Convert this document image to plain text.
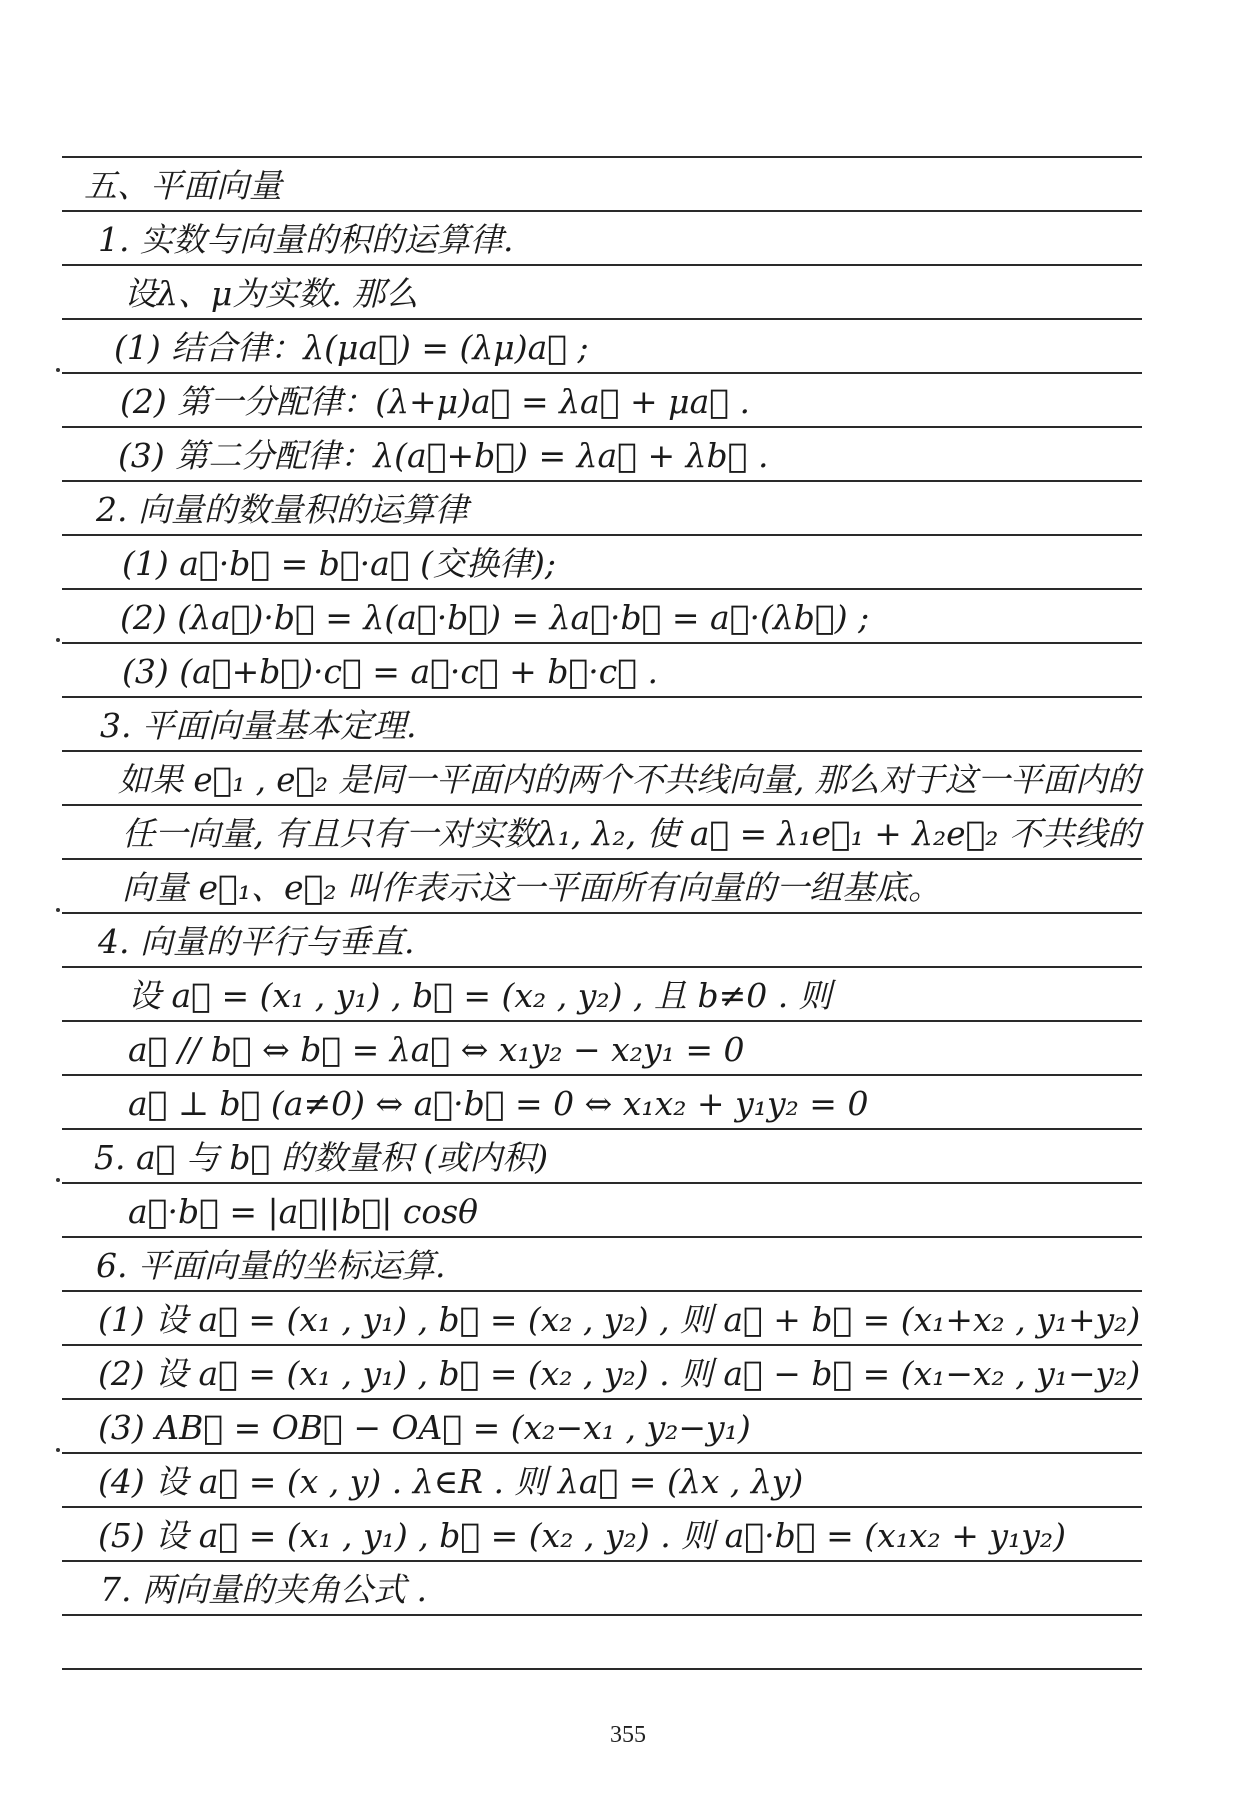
五、平面向量
1. 实数与向量的积的运算律.
设λ、μ为实数. 那么
(1) 结合律：λ(μa⃗) = (λμ)a⃗ ;
(2) 第一分配律：(λ+μ)a⃗ = λa⃗ + μa⃗ .
(3) 第二分配律：λ(a⃗+b⃗) = λa⃗ + λb⃗ .
2. 向量的数量积的运算律
(1) a⃗·b⃗ = b⃗·a⃗ (交换律);
(2) (λa⃗)·b⃗ = λ(a⃗·b⃗) = λa⃗·b⃗ = a⃗·(λb⃗) ;
(3) (a⃗+b⃗)·c⃗ = a⃗·c⃗ + b⃗·c⃗ .
3. 平面向量基本定理.
如果 e⃗₁ , e⃗₂ 是同一平面内的两个不共线向量, 那么对于这一平面内的
任一向量, 有且只有一对实数λ₁, λ₂, 使 a⃗ = λ₁e⃗₁ + λ₂e⃗₂ 不共线的
向量 e⃗₁、e⃗₂ 叫作表示这一平面所有向量的一组基底。
4. 向量的平行与垂直.
设 a⃗ = (x₁ , y₁) , b⃗ = (x₂ , y₂) , 且 b≠0 . 则
a⃗ // b⃗ ⇔ b⃗ = λa⃗ ⇔ x₁y₂ − x₂y₁ = 0
a⃗ ⊥ b⃗ (a≠0) ⇔ a⃗·b⃗ = 0 ⇔ x₁x₂ + y₁y₂ = 0
5. a⃗ 与 b⃗ 的数量积 (或内积)
a⃗·b⃗ = |a⃗||b⃗| cosθ
6. 平面向量的坐标运算.
(1) 设 a⃗ = (x₁ , y₁) , b⃗ = (x₂ , y₂) , 则 a⃗ + b⃗ = (x₁+x₂ , y₁+y₂)
(2) 设 a⃗ = (x₁ , y₁) , b⃗ = (x₂ , y₂) . 则 a⃗ − b⃗ = (x₁−x₂ , y₁−y₂)
(3) AB⃗ = OB⃗ − OA⃗ = (x₂−x₁ , y₂−y₁)
(4) 设 a⃗ = (x , y) . λ∈R . 则 λa⃗ = (λx , λy)
(5) 设 a⃗ = (x₁ , y₁) , b⃗ = (x₂ , y₂) . 则 a⃗·b⃗ = (x₁x₂ + y₁y₂)
7. 两向量的夹角公式 .
355
